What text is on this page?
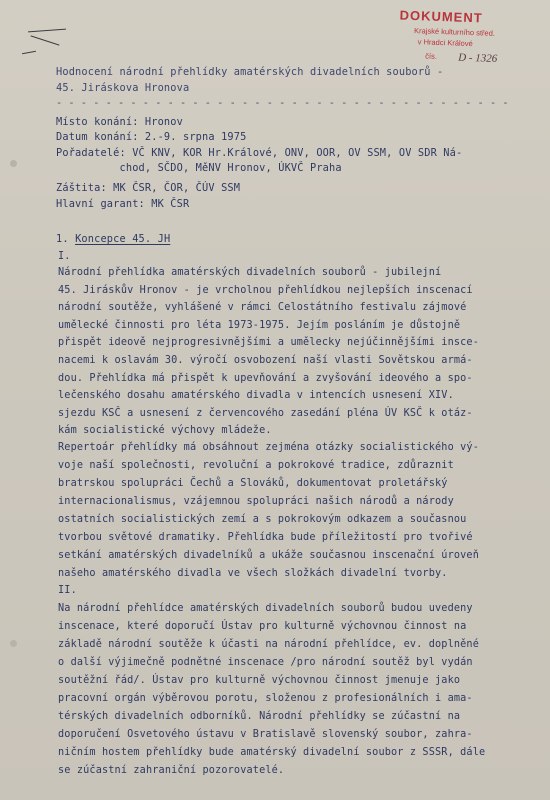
DOKUMENT
Krajské kulturního střed.
v Hradci Králové
čís. D - 1326
Hodnocení národní přehlídky amatérských divadelních souborů -
45. Jiráskova Hronova
- - - - - - - - - - - - - - - - - - - - - - - - - - - - - - - - - - - - -
Místo konání: Hronov
Datum konání: 2.-9. srpna 1975
Pořadatelé: VČ KNV, KOR Hr.Králové, ONV, OOR, OV SSM, OV SDR Ná-
chod, SČDO, MěNV Hronov, ÚKVČ Praha
Záštita: MK ČSR, ČOR, ČÚV SSM
Hlavní garant: MK ČSR
1. Koncepce 45. JH
I.
Národní přehlídka amatérských divadelních souborů - jubilejní
45. Jiráskův Hronov - je vrcholnou přehlídkou nejlepších inscenací
národní soutěže, vyhlášené v rámci Celostátního festivalu zájmové
umělecké činnosti pro léta 1973-1975. Jejím posláním je důstojně
přispět ideově nejprogresivnějšími a umělecky nejúčinnějšími insce-
nacemi k oslavám 30. výročí osvobození naší vlasti Sovětskou armá-
dou. Přehlídka má přispět k upevňování a zvyšování ideového a spo-
lečenského dosahu amatérského divadla v intencích usnesení XIV.
sjezdu KSČ a usnesení z červencového zasedání pléna ÚV KSČ k otáz-
kám socialistické výchovy mládeže.
Repertoár přehlídky má obsáhnout zejména otázky socialistického vý-
voje naší společnosti, revoluční a pokrokové tradice, zdůraznit
bratrskou spolupráci Čechů a Slováků, dokumentovat proletářský
internacionalismus, vzájemnou spolupráci našich národů a národy
ostatních socialistických zemí a s pokrokovým odkazem a současnou
tvorbou světové dramatiky. Přehlídka bude příležitostí pro tvořivé
setkání amatérských divadelníků a ukáže současnou inscenační úroveň
našeho amatérského divadla ve všech složkách divadelní tvorby.
II.
Na národní přehlídce amatérských divadelních souborů budou uvedeny
inscenace, které doporučí Ústav pro kulturně výchovnou činnost na
základě národní soutěže k účasti na národní přehlídce, ev. doplněné
o další výjimečně podnětné inscenace /pro národní soutěž byl vydán
soutěžní řád/. Ústav pro kulturně výchovnou činnost jmenuje jako
pracovní orgán výběrovou porotu, složenou z profesionálních i ama-
térských divadelních odborníků. Národní přehlídky se zúčastní na
doporučení Osvetového ústavu v Bratislavě slovenský soubor, zahra-
ničním hostem přehlídky bude amatérský divadelní soubor z SSSR, dále
se zúčastní zahraniční pozorovatelé.
